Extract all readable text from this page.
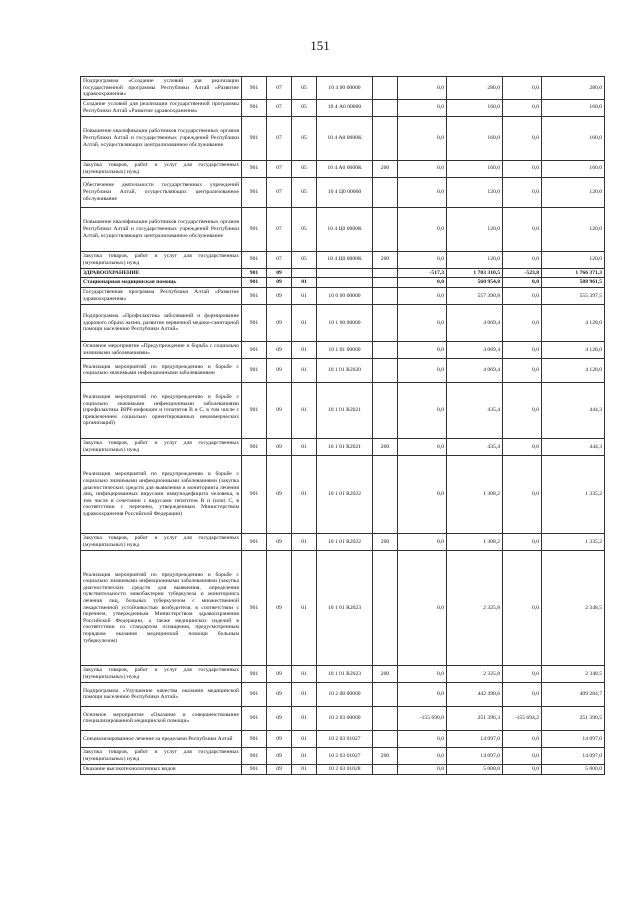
151
Подпрограмма «Создание условий для реализации государственной программы Республики Алтай «Развитие здравоохранения»	901	07	05	10 4 00 00000		0,0	280,0	0,0	280,0
Создание условий для реализации государственной программы Республики Алтай «Развитие здравоохранения»	901	07	05	10 4 А0 00000		0,0	160,0	0,0	160,0
Повышение квалификации работников государственных органов Республики Алтай и государственных учреждений Республики Алтай, осуществляющих централизованное обслуживание	901	07	05	10 4 А0 0000К		0,0	160,0	0,0	160,0
Закупка товаров, работ и услуг для государственных (муниципальных) нужд	901	07	05	10 4 А0 0000К	200	0,0	160,0	0,0	160,0
Обеспечение деятельности государственных учреждений Республики Алтай, осуществляющих централизованное обслуживание	901	07	05	10 4 Ц0 00000		0,0	120,0	0,0	120,0
Повышение квалификации работников государственных органов Республики Алтай и государственных учреждений Республики Алтай, осуществляющих централизованное обслуживание	901	07	05	10 4 Ц0 0000К		0,0	120,0	0,0	120,0
Закупка товаров, работ и услуг для государственных (муниципальных) нужд	901	07	05	10 4 Ц0 0000К	200	0,0	120,0	0,0	120,0
ЗДРАВООХРАНЕНИЕ	901	09				-517,3	1 703 310,5	-523,8	1 766 371,3
Стационарная медицинская помощь	901	09	01			0,0	560 954,8	0,0	588 961,5
Государственная программа Республики Алтай «Развитие здравоохранения»	901	09	01	10 0 00 00000		0,0	557 390,8	0,0	555 397,5
Подпрограмма «Профилактика заболеваний и формирование здорового образа жизни, развитие первичной медико-санитарной помощи населению Республики Алтай»	901	09	01	10 1 00 00000		0,0	4 069,4	0,0	4 128,0
Основное мероприятие «Предупреждение и борьба с социально значимыми заболеваниями»	901	09	01	10 1 01 00000		0,0	4 069,4	0,0	4 128,0
Реализация мероприятий по предупреждению и борьбе с социально значимыми инфекционными заболеваниями	901	09	01	10 1 01 R2020		0,0	4 069,4	0,0	4 128,0
Реализация мероприятий по предупреждению и борьбе с социально значимыми инфекционными заболеваниями (профилактика ВИЧ-инфекции и гепатитов В и С, в том числе с привлечением социально ориентированных некоммерческих организаций)	901	09	01	10 1 01 R2021		0,0	435,4	0,0	444,3
Закупка товаров, работ и услуг для государственных (муниципальных) нужд	901	09	01	10 1 01 R2021	200	0,0	435,4	0,0	444,3
Реализация мероприятий по предупреждению и борьбе с социально значимыми инфекционными заболеваниями (закупка диагностических средств для выявления и мониторинга лечения лиц, инфицированных вирусами иммунодефицита человека, в том числе в сочетании с вирусами гепатитов В и (или) С, в соответствии с перечнем, утвержденным Министерством здравоохранения Российской Федерации)	901	09	01	10 1 01 R2022		0,0	1 308,2	0,0	1 335,2
Закупка товаров, работ и услуг для государственных (муниципальных) нужд	901	09	01	10 1 01 R2022	200	0,0	1 308,2	0,0	1 335,2
Реализация мероприятий по предупреждению и борьбе с социально значимыми инфекционными заболеваниями (закупка диагностических средств для выявления, определения чувствительности микобактерии туберкулеза и мониторинга лечения лиц, больных туберкулезом с множественной лекарственной устойчивостью возбудителя, в соответствии с перечнем, утвержденным Министерством здравоохранения Российской Федерации, а также медицинских изделий в соответствии со стандартом оснащения, предусмотренным порядком оказания медицинской помощи больным туберкулезом)	901	09	01	10 1 01 R2023		0,0	2 325,8	0,0	2 348,5
Закупка товаров, работ и услуг для государственных (муниципальных) нужд	901	09	01	10 1 01 R2023	200	0,0	2 325,8	0,0	2 348,5
Подпрограмма «Улучшение качества оказания медицинской помощи населению Республики Алтай»	901	09	01	10 2 00 00000		0,0	442 490,6	0,0	409 284,7
Основное мероприятие «Оказание и совершенствование специализированной медицинской помощи»	901	09	01	10 2 03 00000		-155 690,0	251 396,3	-155 694,2	251 390,5
Специализированное лечение за пределами Республики Алтай	901	09	01	10 2 03 01027		0,0	14 097,0	0,0	14 097,0
Закупка товаров, работ и услуг для государственных (муниципальных) нужд	901	09	01	10 2 03 01027	200	0,0	14 097,0	0,0	14 097,0
Оказание высокотехнологичных видов	901	09	01	10 2 03 01028		0,0	5 000,0	0,0	5 000,0
